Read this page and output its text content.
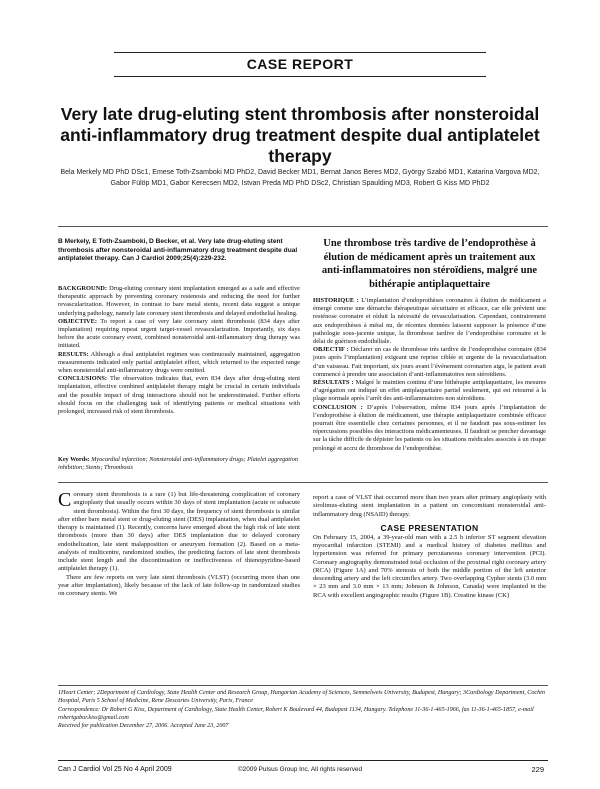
CASE REPORT
Very late drug-eluting stent thrombosis after nonsteroidal anti-inflammatory drug treatment despite dual antiplatelet therapy
Bela Merkely MD PhD DSc1, Emese Toth-Zsamboki MD PhD2, David Becker MD1, Bernat Janos Beres MD2, György Szabó MD1, Katarina Vargova MD2, Gabor Fülöp MD1, Gabor Kerecsen MD2, Istvan Preda MD PhD DSc2, Christian Spaulding MD3, Robert G Kiss MD PhD2
B Merkely, E Toth-Zsamboki, D Becker, et al. Very late drug-eluting stent thrombosis after nonsteroidal anti-inflammatory drug treatment despite dual antiplatelet therapy. Can J Cardiol 2009;25(4):229-232.

BACKGROUND: Drug-eluting coronary stent implantation emerged as a safe and effective therapeutic approach by preventing coronary restenosis and reducing the need for further revascularization. However, in contrast to bare metal stents, recent data suggest a unique underlying pathology, namely late coronary stent thrombosis and delayed endothelial healing.

OBJECTIVE: To report a case of very late coronary stent thrombosis (834 days after implantation) requiring repeat urgent target-vessel revascularization. Importantly, six days before the acute coronary event, combined nonsteroidal anti-inflammatory drug therapy was initiated.

RESULTS: Although a dual antiplatelet regimen was continuously maintained, aggregation measurements indicated only partial antiplatelet effect, which returned to the expected range when nonsteroidal anti-inflammatory drugs were omitted.

CONCLUSIONS: The observation indicates that, even 834 days after drug-eluting stent implantation, effective combined antiplatelet therapy might be crucial in certain individuals and the possible impact of drug interactions should not be underestimated. Further efforts should focus on the challenging task of identifying patients or medical situations with prolonged, increased risk of stent thrombosis.

Key Words: Myocardial infarction; Nonsteroidal anti-inflammatory drugs; Platelet aggregation inhibition; Stents; Thrombosis
Une thrombose très tardive de l’endoprothèse à élution de médicament après un traitement aux anti-inflammatoires non stéroïdiens, malgré une bithérapie antiplaquettaire

HISTORIQUE : L’implantation d’endoprothèses coronaires à élution de médicament a émergé comme une démarche thérapeutique sécuritaire et efficace, car elle prévient une resténose coronaire et réduit la nécessité de revascularisation. Cependant, contrairement aux endoprothèses à métal nu, de récentes données laissent supposer la présence d’une pathologie sous-jacente unique, la thrombose tardive de l’endoprothèse coronaire et le délai de guérison endothéliale.

OBJECTIF : Déclarer un cas de thrombose très tardive de l’endoprothèse coronaire (834 jours après l’implantation) exigeant une reprise ciblée et urgente de la revascularisation d’un vaisseau. Fait important, six jours avant l’événement coronarien aigu, le patient avait commencé à prendre une association d’anti-inflammatoires non stéroïdiens.

RÉSULTATS : Malgré le maintien continu d’une bithérapie antiplaquettaire, les mesures d’agrégation ont indiqué un effet antiplaquettaire partiel seulement, qui est retourné à la plage normale après l’arrêt des anti-inflammatoires non stéroïdiens.

CONCLUSION : D’après l’observation, même 834 jours après l’implantation de l’endoprothèse à élution de médicament, une thérapie antiplaquettaire combinée efficace pourrait être essentielle chez certaines personnes, et il ne faudrait pas sous-estimer les répercussions possibles des interactions médicamenteuses. Il faudrait se pencher davantage sur la tâche difficile de dépister les patients ou les situations médicales associés à un risque prolongé et accru de thrombose de l’endoprothèse.

Coronary stent thrombosis is a rare (1) but life-threatening complication of coronary angioplasty that usually occurs within 30 days of stent implantation (acute or subacute stent thrombosis). Within the first 30 days, the frequency of stent thrombosis is similar after either bare metal stent or drug-eluting stent (DES) implantation, when dual antiplatelet therapy is maintained (1). Recently, concerns have emerged about the high risk of late stent thrombosis (more than 30 days) after DES implantation due to delayed coronary endothelization, late stent malapposition or aneurysm formation (2). Based on a meta-analysis of multicentre, randomized studies, the predicting factors of late stent thrombosis include stent length and the discontinuation or ineffectiveness of thienopyridine-based antiplatelet therapy (1).

There are few reports on very late stent thrombosis (VLST) (occurring more than one year after implantation), likely because of the lack of late follow-up in randomized studies on coronary stents. We

report a case of VLST that occurred more than two years after primary angioplasty with sirolimus-eluting stent implantation in a patient on concomitant nonsteroidal anti-inflammatory drug (NSAID) therapy.

CASE PRESENTATION

On February 15, 2004, a 39-year-old man with a 2.5 h inferior ST segment elevation myocardial infarction (STEMI) and a medical history of diabetes mellitus and hypertension was referred for primary percutaneous coronary intervention (PCI). Coronary angiography demonstrated total occlusion of the proximal right coronary artery (RCA) (Figure 1A) and 70% stenosis of both the middle portion of the left anterior descending artery and the left circumflex artery. Two overlapping Cypher stents (3.0 mm × 23 mm and 3.0 mm × 13 mm; Johnson & Johnson, Canada) were implanted in the RCA with excellent angiographic results (Figure 1B). Creatine kinase (CK)

1Heart Center; 2Department of Cardiology, State Health Center and Research Group, Hungarian Academy of Sciences, Semmelweis University, Budapest, Hungary; 3Cardiology Department, Cochin Hospital, Paris 5 School of Medicine, Rene Descartes University, Paris, France

Correspondence: Dr Robert G Kiss, Department of Cardiology, State Health Center, Robert K Boulevard 44, Budapest 1134, Hungary. Telephone 11-36-1-465-1966, fax 11-36-1-465-1857, e-mail robertgabor.kiss@gmail.com

Received for publication December 27, 2006. Accepted June 23, 2007

Can J Cardiol Vol 25 No 4 April 2009	©2009 Pulsus Group Inc. All rights reserved	229
